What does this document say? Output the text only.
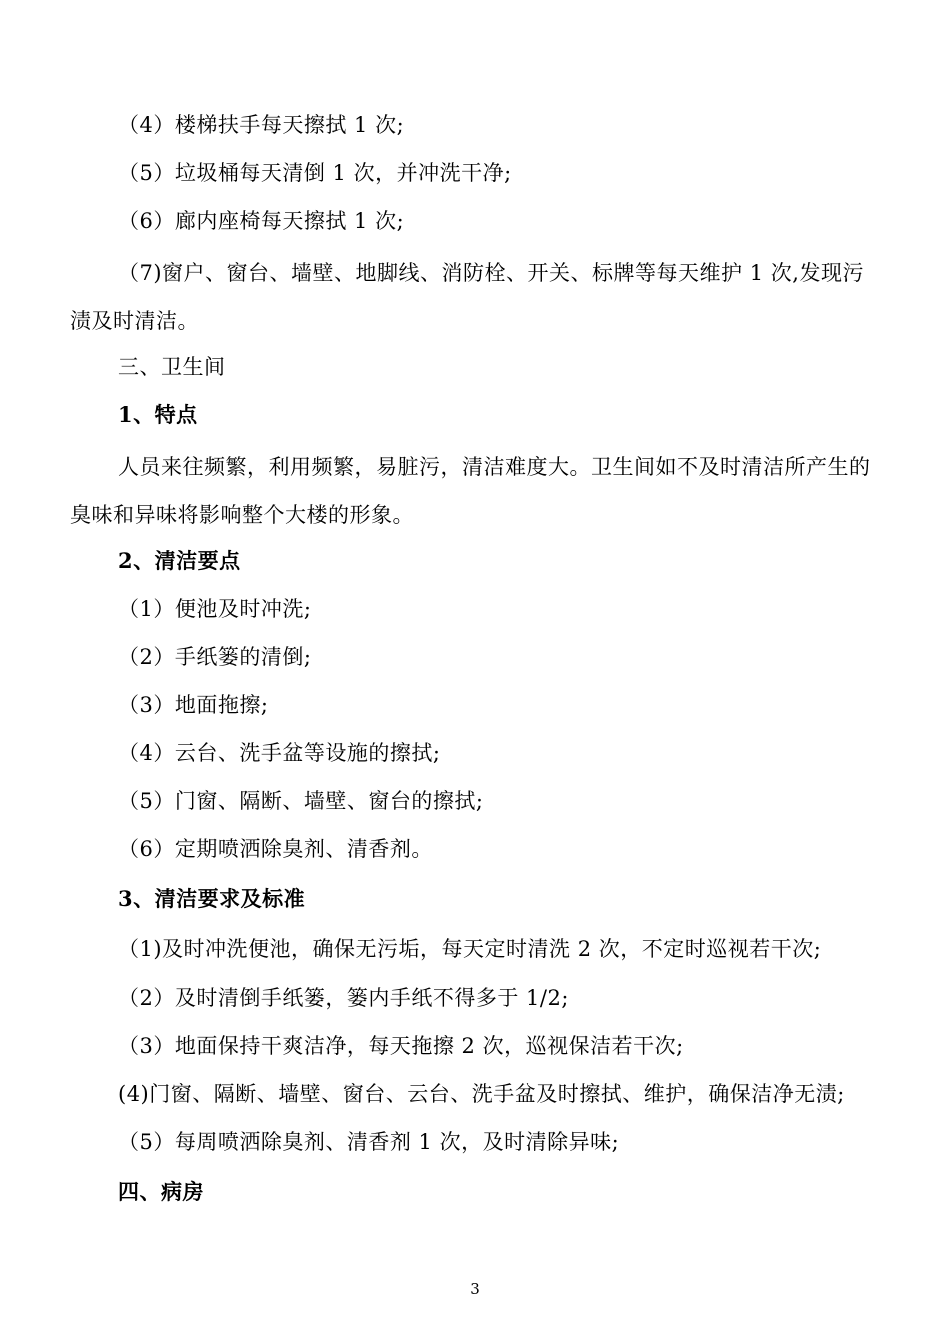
（4）楼梯扶手每天擦拭 1 次;
（5）垃圾桶每天清倒 1 次，并冲洗干净;
（6）廊内座椅每天擦拭 1 次;
（7)窗户、窗台、墙壁、地脚线、消防栓、开关、标牌等每天维护 1 次,发现污渍及时清洁。
三、卫生间
1、特点
人员来往频繁，利用频繁，易脏污，清洁难度大。卫生间如不及时清洁所产生的臭味和异味将影响整个大楼的形象。
2、清洁要点
（1）便池及时冲洗;
（2）手纸篓的清倒;
（3）地面拖擦;
（4）云台、洗手盆等设施的擦拭;
（5）门窗、隔断、墙壁、窗台的擦拭;
（6）定期喷洒除臭剂、清香剂。
3、清洁要求及标准
（1)及时冲洗便池，确保无污垢，每天定时清洗 2 次，不定时巡视若干次;
（2）及时清倒手纸篓，篓内手纸不得多于 1/2;
（3）地面保持干爽洁净，每天拖擦 2 次，巡视保洁若干次;
(4)门窗、隔断、墙壁、窗台、云台、洗手盆及时擦拭、维护，确保洁净无渍;
（5）每周喷洒除臭剂、清香剂 1 次，及时清除异味;
四、病房
3
